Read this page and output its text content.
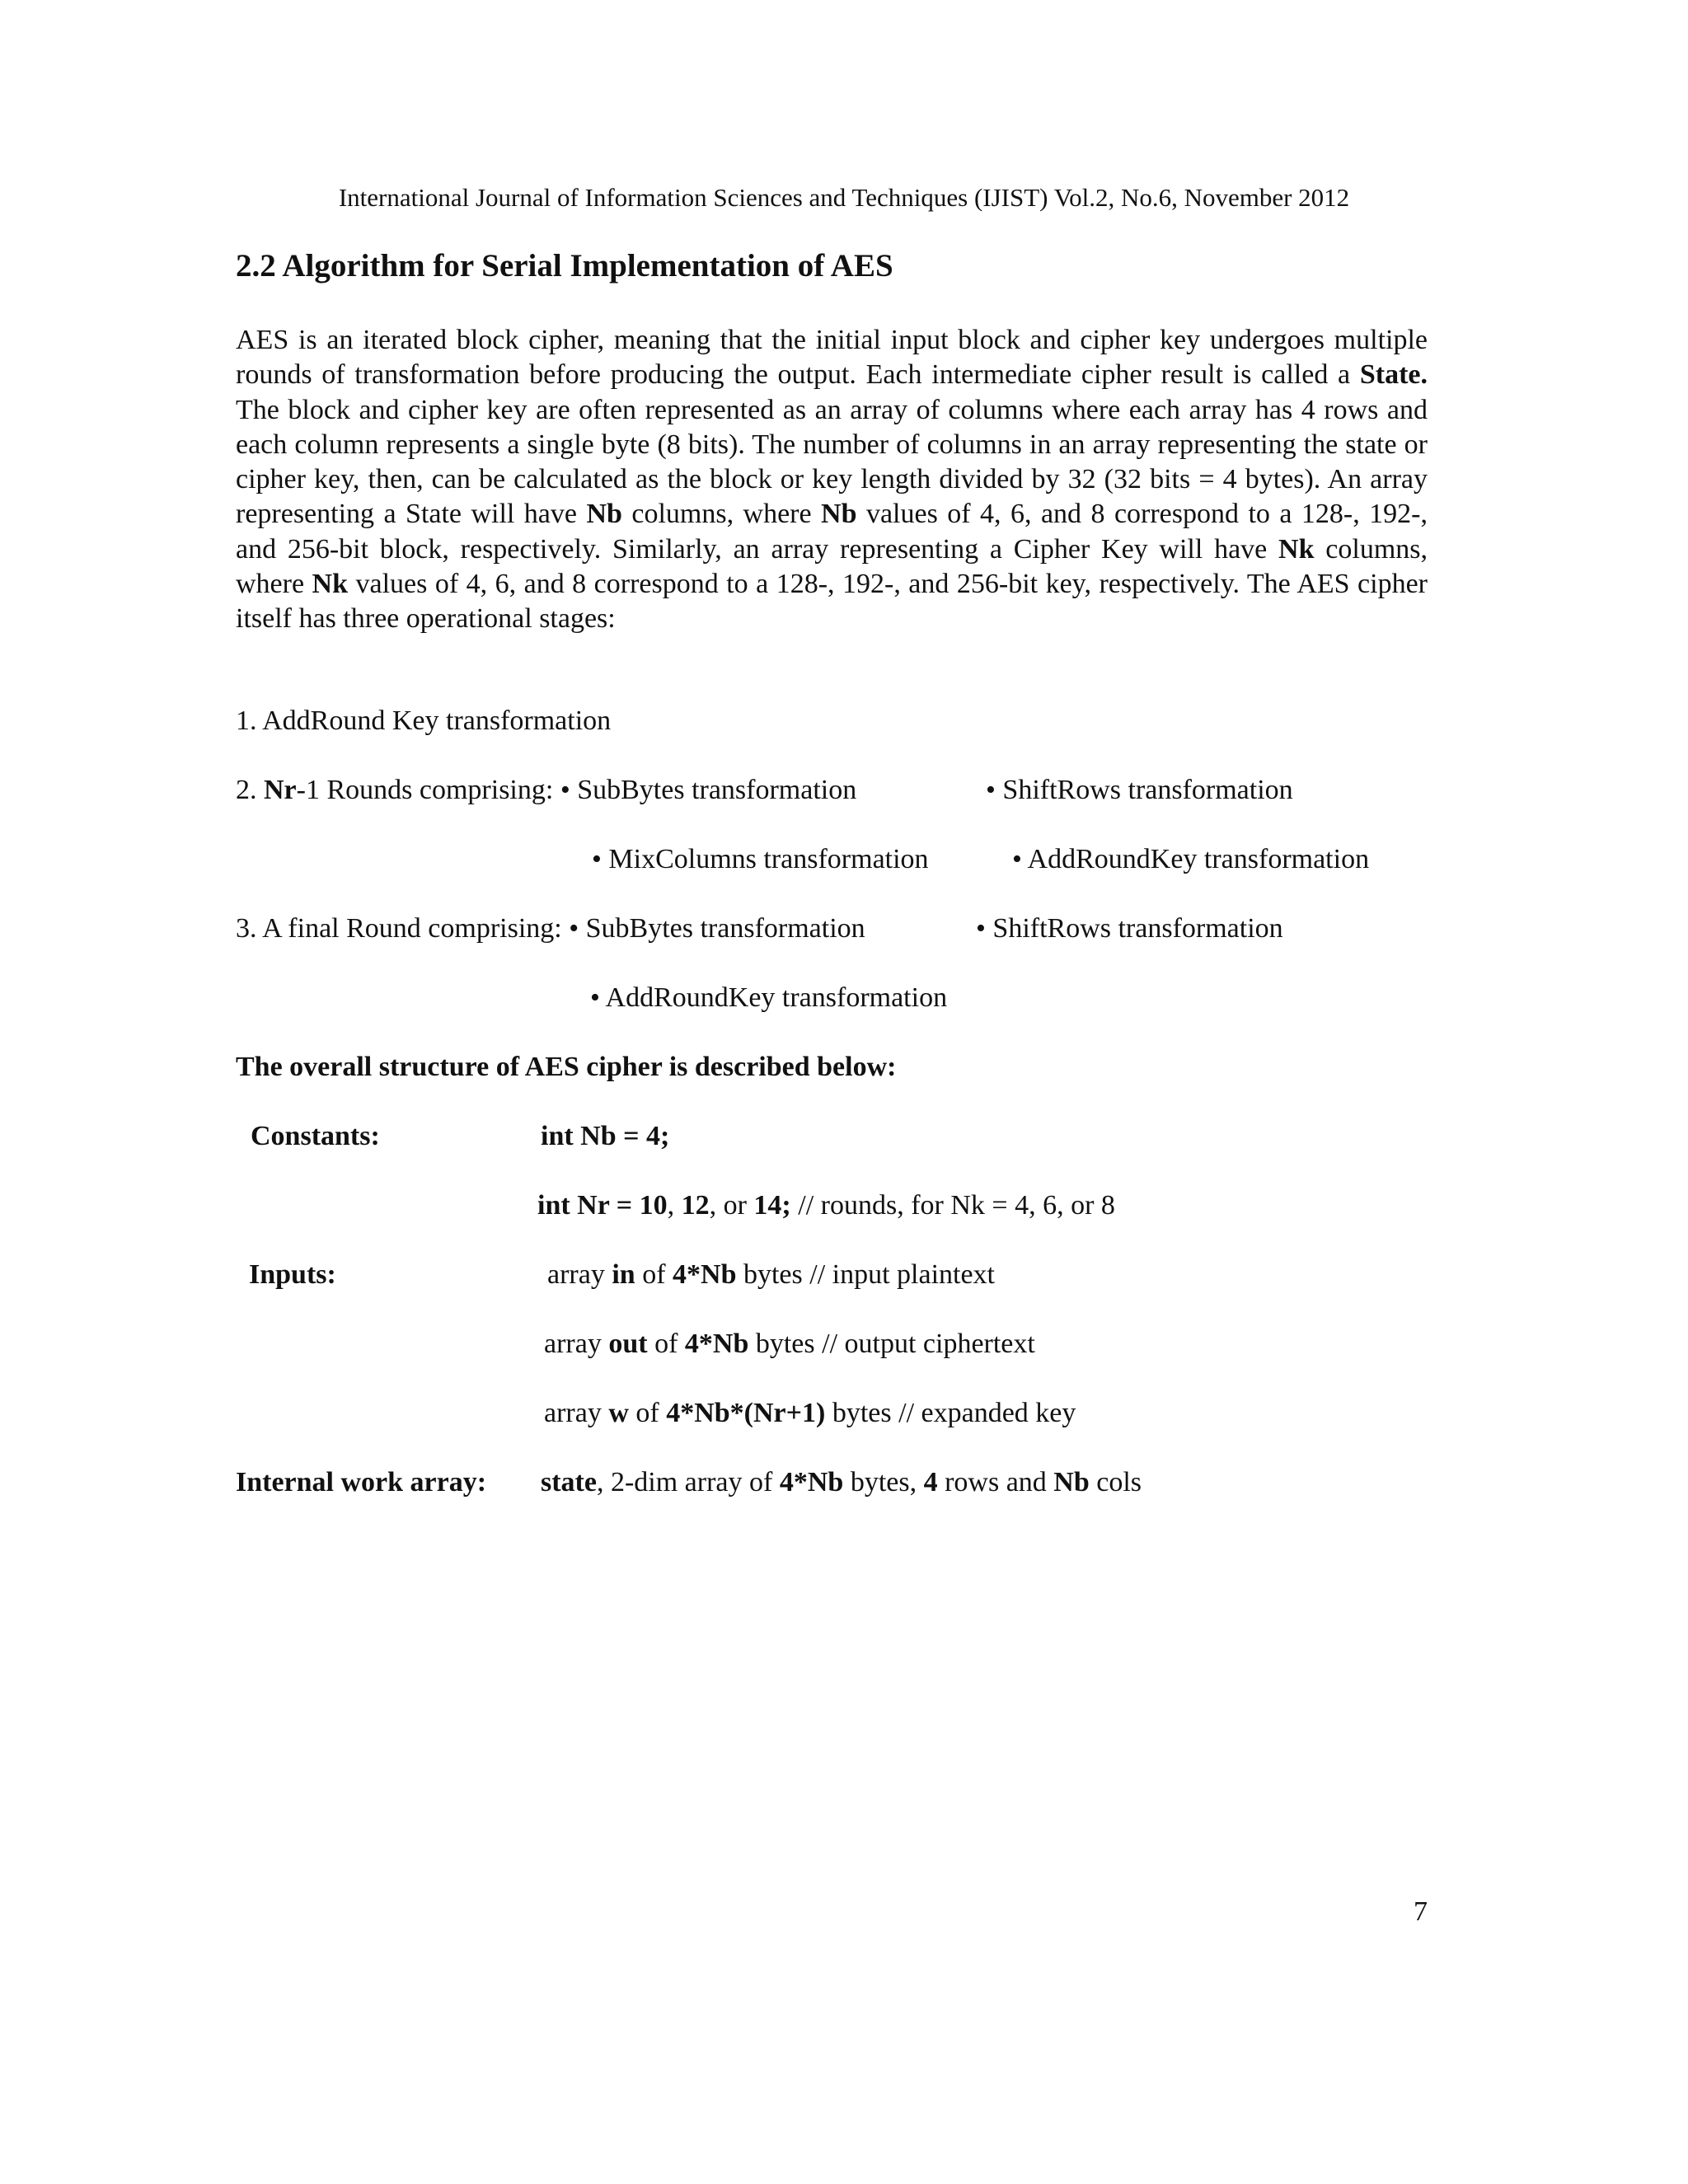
International Journal of Information Sciences and Techniques (IJIST) Vol.2, No.6, November 2012
2.2 Algorithm for Serial Implementation of AES

AES is an iterated block cipher, meaning that the initial input block and cipher key undergoes multiple rounds of transformation before producing the output. Each intermediate cipher result is called a State. The block and cipher key are often represented as an array of columns where each array has 4 rows and each column represents a single byte (8 bits). The number of columns in an array representing the state or cipher key, then, can be calculated as the block or key length divided by 32 (32 bits = 4 bytes). An array representing a State will have Nb columns, where Nb values of 4, 6, and 8 correspond to a 128-, 192-, and 256-bit block, respectively. Similarly, an array representing a Cipher Key will have Nk columns, where Nk values of 4, 6, and 8 correspond to a 128-, 192-, and 256-bit key, respectively. The AES cipher itself has three operational stages:

1. AddRound Key transformation
2. Nr-1 Rounds comprising: • SubBytes transformation	• ShiftRows transformation
• MixColumns transformation	• AddRoundKey transformation
3. A final Round comprising: • SubBytes transformation	• ShiftRows transformation
• AddRoundKey transformation
The overall structure of AES cipher is described below:
Constants:	int Nb = 4;
int Nr = 10, 12, or 14; // rounds, for Nk = 4, 6, or 8
Inputs:	array in of 4*Nb bytes // input plaintext
array out of 4*Nb bytes // output ciphertext
array w of 4*Nb*(Nr+1) bytes // expanded key
Internal work array: state, 2-dim array of 4*Nb bytes, 4 rows and Nb cols
7
